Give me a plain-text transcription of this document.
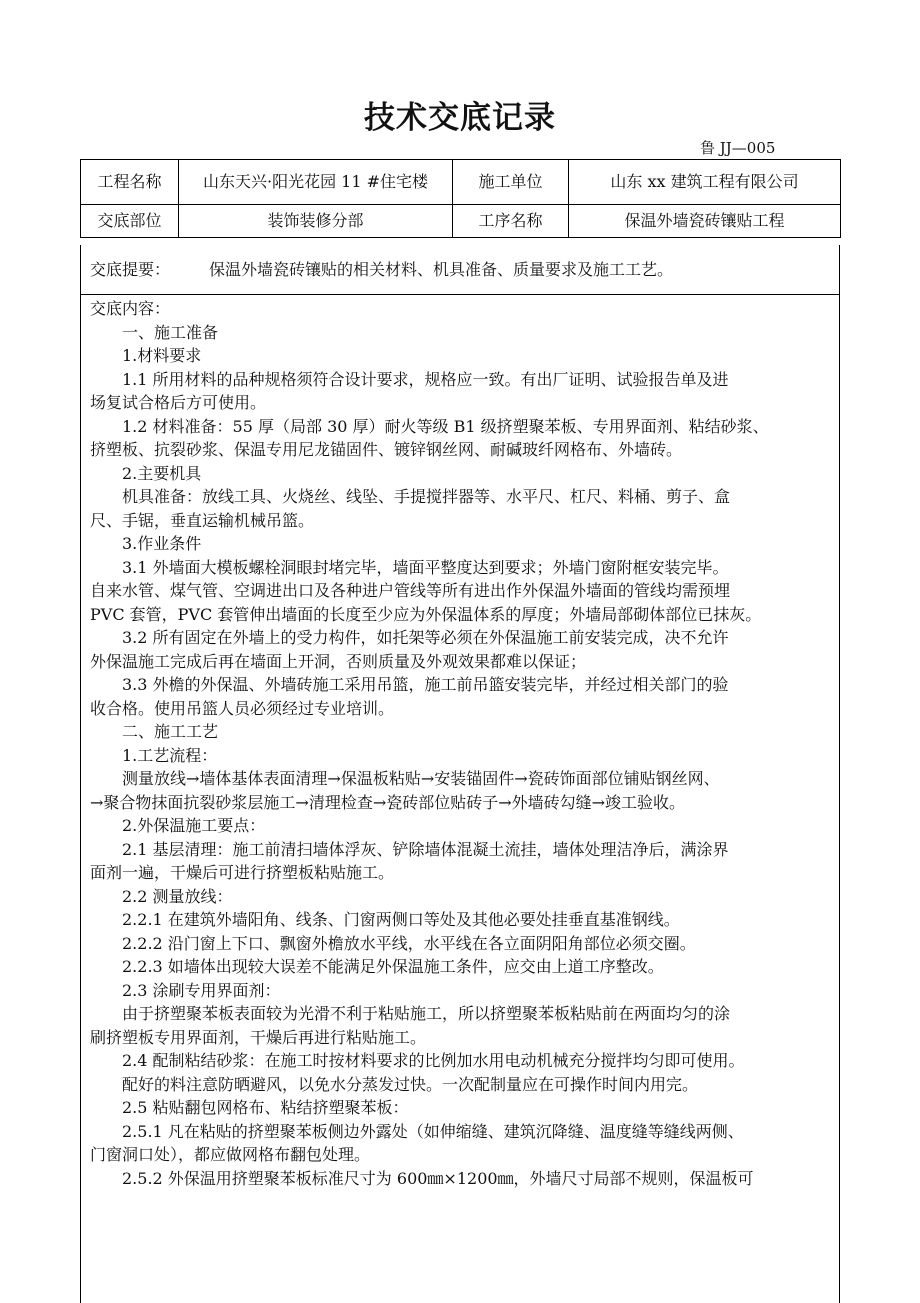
技术交底记录
鲁 JJ—005
工程名称	山东天兴·阳光花园 11 #住宅楼	施工单位	山东 xx 建筑工程有限公司
交底部位	装饰装修分部	工序名称	保温外墙瓷砖镶贴工程
交底提要： 保温外墙瓷砖镶贴的相关材料、机具准备、质量要求及施工工艺。

交底内容：

一、施工准备

1.材料要求

1.1 所用材料的品种规格须符合设计要求，规格应一致。有出厂证明、试验报告单及进

场复试合格后方可使用。

1.2 材料准备：55 厚（局部 30 厚）耐火等级 B1 级挤塑聚苯板、专用界面剂、粘结砂浆、

挤塑板、抗裂砂浆、保温专用尼龙锚固件、镀锌钢丝网、耐碱玻纤网格布、外墙砖。

2.主要机具

机具准备：放线工具、火烧丝、线坠、手提搅拌器等、水平尺、杠尺、料桶、剪子、盒

尺、手锯，垂直运输机械吊篮。

3.作业条件

3.1 外墙面大模板螺栓洞眼封堵完毕，墙面平整度达到要求；外墙门窗附框安装完毕。

自来水管、煤气管、空调进出口及各种进户管线等所有进出作外保温外墙面的管线均需预埋

PVC 套管，PVC 套管伸出墙面的长度至少应为外保温体系的厚度；外墙局部砌体部位已抹灰。

3.2 所有固定在外墙上的受力构件，如托架等必须在外保温施工前安装完成，决不允许

外保温施工完成后再在墙面上开洞，否则质量及外观效果都难以保证；

3.3 外檐的外保温、外墙砖施工采用吊篮，施工前吊篮安装完毕，并经过相关部门的验

收合格。使用吊篮人员必须经过专业培训。

二、施工工艺

1.工艺流程：

测量放线→墙体基体表面清理→保温板粘贴→安装锚固件→瓷砖饰面部位铺贴钢丝网、

→聚合物抹面抗裂砂浆层施工→清理检查→瓷砖部位贴砖子→外墙砖勾缝→竣工验收。

2.外保温施工要点：

2.1 基层清理：施工前清扫墙体浮灰、铲除墙体混凝土流挂，墙体处理洁净后，满涂界

面剂一遍，干燥后可进行挤塑板粘贴施工。

2.2 测量放线：

2.2.1 在建筑外墙阳角、线条、门窗两侧口等处及其他必要处挂垂直基准钢线。

2.2.2 沿门窗上下口、飘窗外檐放水平线，水平线在各立面阴阳角部位必须交圈。

2.2.3 如墙体出现较大误差不能满足外保温施工条件，应交由上道工序整改。

2.3 涂刷专用界面剂：

由于挤塑聚苯板表面较为光滑不利于粘贴施工，所以挤塑聚苯板粘贴前在两面均匀的涂

刷挤塑板专用界面剂，干燥后再进行粘贴施工。

2.4 配制粘结砂浆：在施工时按材料要求的比例加水用电动机械充分搅拌均匀即可使用。

配好的料注意防晒避风，以免水分蒸发过快。一次配制量应在可操作时间内用完。

2.5 粘贴翻包网格布、粘结挤塑聚苯板：

2.5.1 凡在粘贴的挤塑聚苯板侧边外露处（如伸缩缝、建筑沉降缝、温度缝等缝线两侧、

门窗洞口处），都应做网格布翻包处理。

2.5.2 外保温用挤塑聚苯板标准尺寸为 600㎜×1200㎜，外墙尺寸局部不规则，保温板可
